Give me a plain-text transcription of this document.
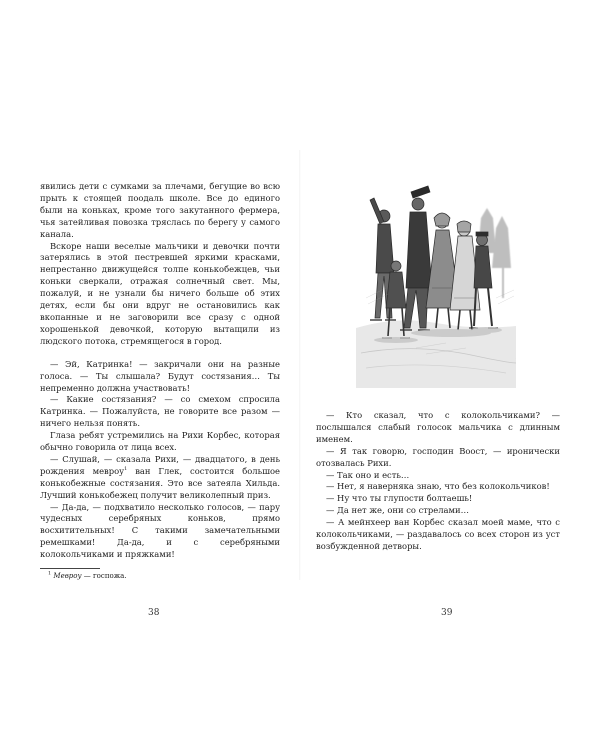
явились дети с сумками за плечами, бегущие во всю прыть к стоящей поодаль школе. Все до единого были на коньках, кроме того закутанного фермера, чья затейливая повозка тряслась по берегу у самого канала.

Вскоре наши веселые мальчики и девочки почти затерялись в этой пестревшей яркими красками, непрестанно движущейся толпе конькобежцев, чьи коньки сверкали, отражая солнечный свет. Мы, пожалуй, и не узнали бы ничего больше об этих детях, если бы они вдруг не остановились как вкопанные и не заговорили все сразу с одной хорошенькой девочкой, которую вытащили из людского потока, стремящегося в город.

— Эй, Катринка! — закричали они на разные голоса. — Ты слышала? Будут состязания… Ты непременно должна участвовать!

— Какие состязания? — со смехом спросила Катринка. — Пожалуйста, не говорите все разом — ничего нельзя понять.

Глаза ребят устремились на Рихи Корбес, которая обычно говорила от лица всех.

— Слушай, — сказала Рихи, — двадцатого, в день рождения меврoу$^1$ ван Глек, состоится большое конькобежные состязания. Это все затеяла Хильда. Лучший конькобежец получит великолепный приз.

— Да-да, — подхватило несколько голосов, — пару чудесных серебряных коньков, прямо восхитительных! С такими замечательными ремешками! Да-да, и с серебряными колокольчиками и пряжками!

$^1$ Меврoу — госпожа.

38

— Кто сказал, что с колокольчиками? — послышался слабый голосок мальчика с длинным именем.

— Я так говорю, господин Воост, — иронически отозвалась Рихи.

— Так оно и есть…

— Нет, я наверняка знаю, что без колокольчиков!

— Ну что ты глупости болтаешь!

— Да нет же, они со стрелами…

— А мейнхеер ван Корбес сказал моей маме, что с колокольчиками, — раздавалось со всех сторон из уст возбужденной детворы.

39
